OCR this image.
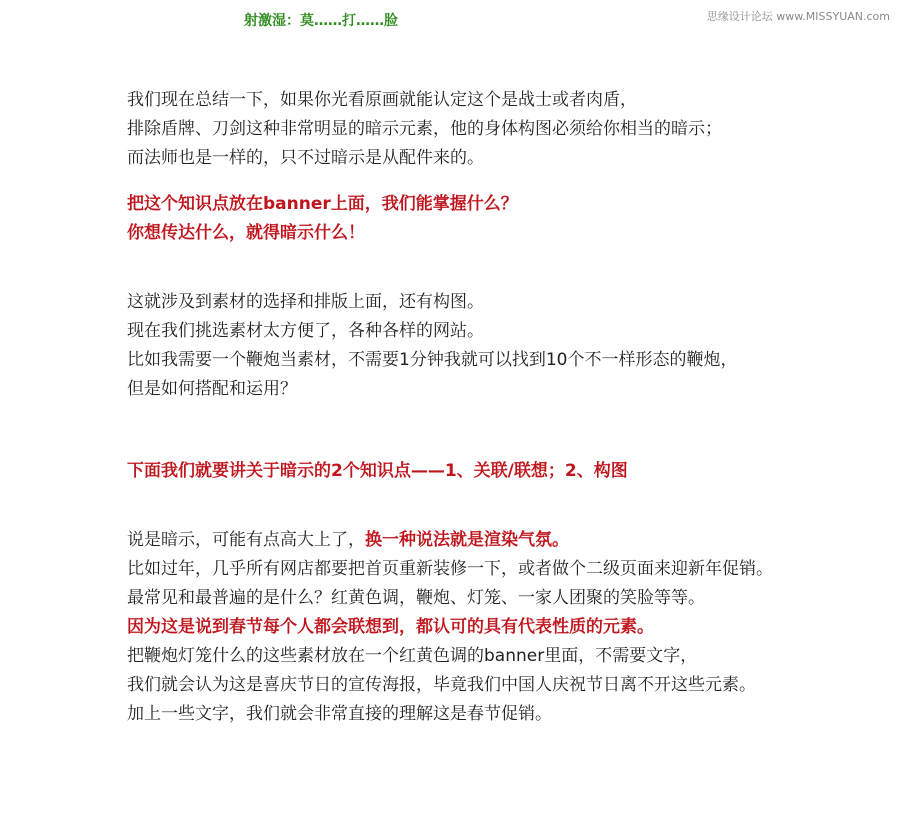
思缘设计论坛 www.MISSYUAN.com
射激湿：莫……打……脸
我们现在总结一下，如果你光看原画就能认定这个是战士或者肉盾，
排除盾牌、刀剑这种非常明显的暗示元素，他的身体构图必须给你相当的暗示；
而法师也是一样的，只不过暗示是从配件来的。
把这个知识点放在banner上面，我们能掌握什么？
你想传达什么，就得暗示什么！
这就涉及到素材的选择和排版上面，还有构图。
现在我们挑选素材太方便了，各种各样的网站。
比如我需要一个鞭炮当素材，不需要1分钟我就可以找到10个不一样形态的鞭炮，
但是如何搭配和运用？
下面我们就要讲关于暗示的2个知识点——1、关联/联想；2、构图
说是暗示，可能有点高大上了，换一种说法就是渲染气氛。
比如过年，几乎所有网店都要把首页重新装修一下，或者做个二级页面来迎新年促销。
最常见和最普遍的是什么？红黄色调，鞭炮、灯笼、一家人团聚的笑脸等等。
因为这是说到春节每个人都会联想到，都认可的具有代表性质的元素。
把鞭炮灯笼什么的这些素材放在一个红黄色调的banner里面，不需要文字，
我们就会认为这是喜庆节日的宣传海报，毕竟我们中国人庆祝节日离不开这些元素。
加上一些文字，我们就会非常直接的理解这是春节促销。
